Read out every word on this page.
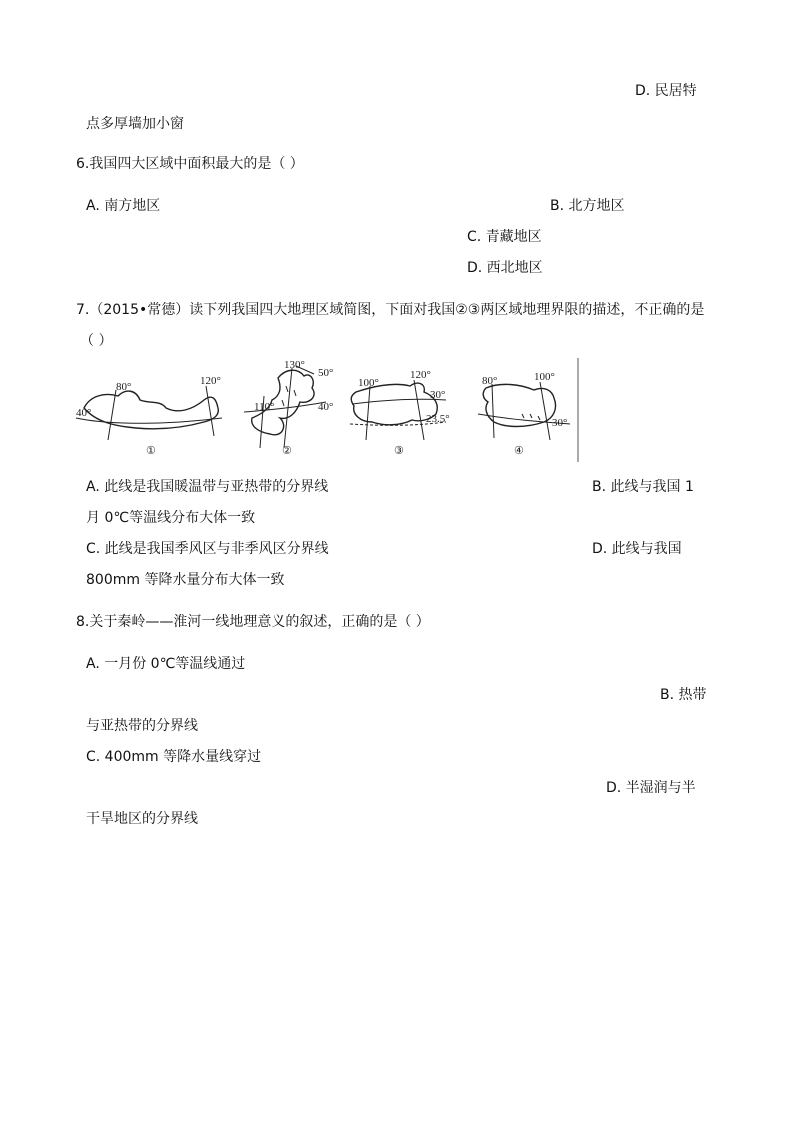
D. 民居特
点多厚墙加小窗
6.我国四大区域中面积最大的是（ ）
A. 南方地区	B. 北方地区
C. 青藏地区
D. 西北地区
7.（2015•常德）读下列我国四大地理区域简图，下面对我国②③两区域地理界限的描述，不正确的是
（ ）
80°	120°
40°
①
130°
50°
110°	40°
②
100°
120°
30°
23.5°
③
80°	100°
30°
④
A. 此线是我国暖温带与亚热带的分界线	B. 此线与我国 1
月 0℃等温线分布大体一致
C. 此线是我国季风区与非季风区分界线	D. 此线与我国
800mm 等降水量分布大体一致
8.关于秦岭——淮河一线地理意义的叙述，正确的是（ ）
A. 一月份 0℃等温线通过
B. 热带
与亚热带的分界线
C. 400mm 等降水量线穿过
D. 半湿润与半
干旱地区的分界线
